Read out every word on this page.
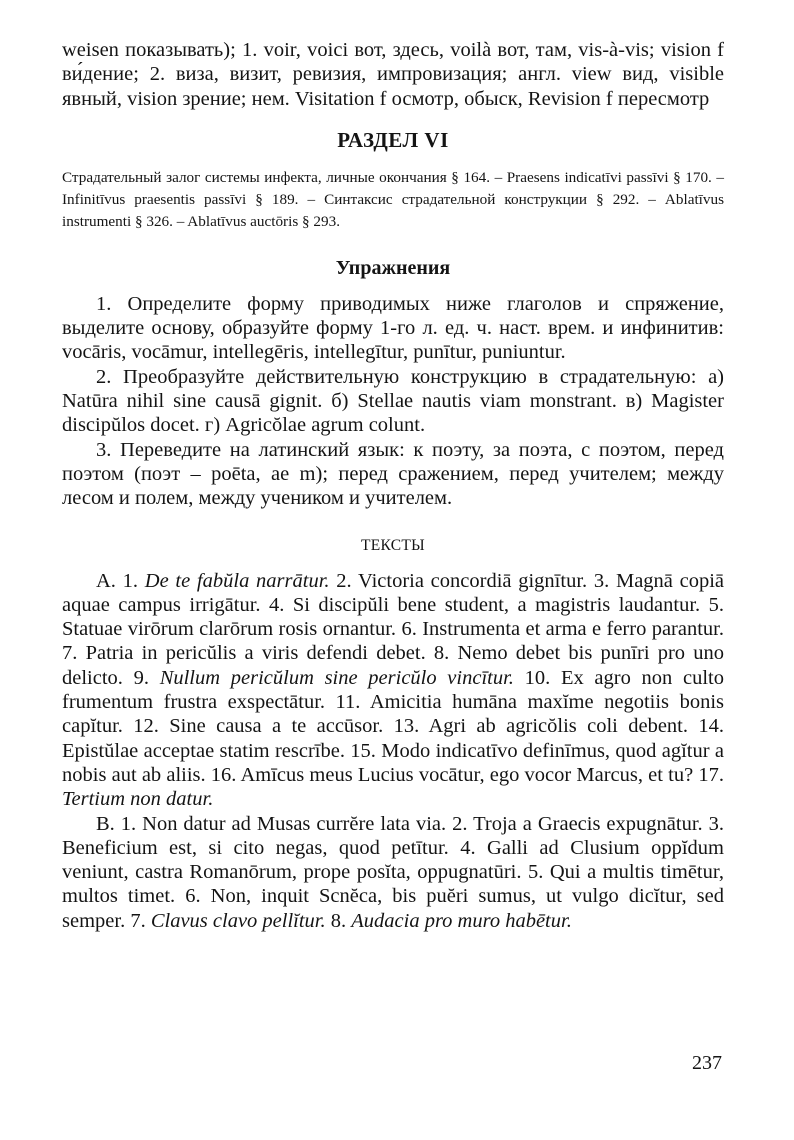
weisen показывать); 1. voir, voici вот, здесь, voilà вот, там, vis-à-vis; vision f ви́дение; 2. виза, визит, ревизия, импровизация; англ. view вид, visible явный, vision зрение; нем. Visitation f осмотр, обыск, Revision f пересмотр

РАЗДЕЛ VI

Страдательный залог системы инфекта, личные окончания § 164. – Praesens indicatīvi passīvi § 170. – Infinitīvus praesentis passīvi § 189. – Синтаксис страдательной конструкции § 292. – Ablatīvus instrumenti § 326. – Ablatīvus auctōris § 293.

Упражнения

1. Определите форму приводимых ниже глаголов и спряжение, выделите основу, образуйте форму 1-го л. ед. ч. наст. врем. и инфинитив: vocāris, vocāmur, intellegēris, intellegītur, punītur, puniuntur.

2. Преобразуйте действительную конструкцию в страдательную: а) Natūra nihil sine causā gignit. б) Stellae nautis viam monstrant. в) Magister discipŭlos docet. г) Agricŏlae agrum colunt.

3. Переведите на латинский язык: к поэту, за поэта, с поэтом, перед поэтом (поэт – poēta, ae m); перед сражением, перед учителем; между лесом и полем, между учеником и учителем.

ТЕКСТЫ

А. 1. De te fabŭla narrātur. 2. Victoria concordiā gignītur. 3. Magnā copiā aquae campus irrigātur. 4. Si discipŭli bene student, a magistris laudantur. 5. Statuae virōrum clarōrum rosis ornantur. 6. Instrumenta et arma e ferro parantur. 7. Patria in pericŭlis a viris defendi debet. 8. Nemo debet bis punīri pro uno delicto. 9. Nullum pericŭlum sine pericŭlo vincītur. 10. Ex agro non culto frumentum frustra exspectātur. 11. Amicitia humāna maxĭme negotiis bonis capĭtur. 12. Sine causa a te accūsor. 13. Agri ab agricŏlis coli debent. 14. Epistŭlae acceptae statim rescrībe. 15. Modo indicatīvo definīmus, quod agĭtur a nobis aut ab aliis. 16. Amīcus meus Lucius vocātur, ego vocor Marcus, et tu? 17. Tertium non datur.

В. 1. Non datur ad Musas currĕre lata via. 2. Troja a Graecis expugnātur. 3. Beneficium est, si cito negas, quod petītur. 4. Galli ad Clusium oppĭdum veniunt, castra Romanōrum, prope posĭta, oppugnatūri. 5. Qui a multis timētur, multos timet. 6. Non, inquit Scnĕca, bis puĕri sumus, ut vulgo dicĭtur, sed semper. 7. Clavus clavo pellĭtur. 8. Audacia pro muro habētur.

237
